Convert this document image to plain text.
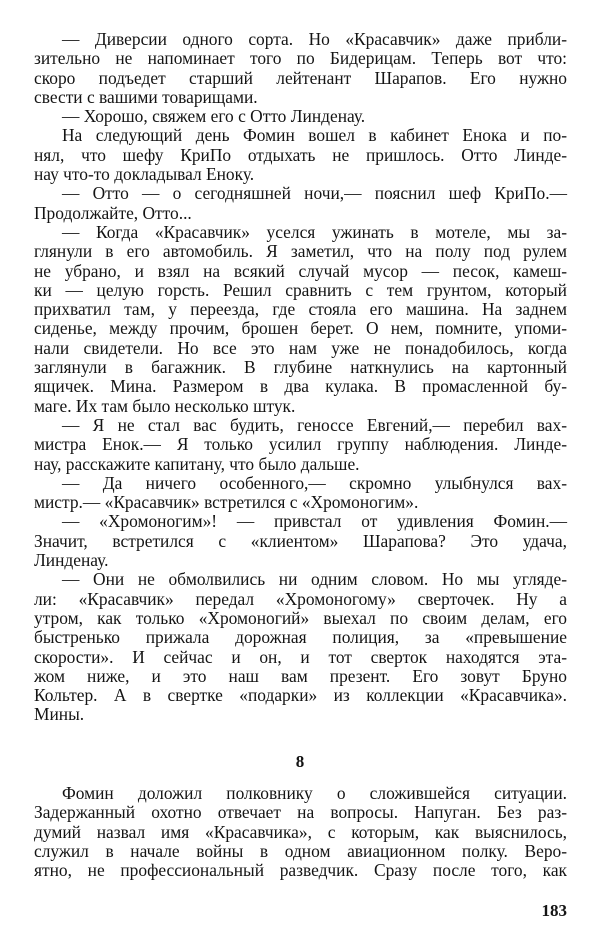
— Диверсии одного сорта. Но «Красавчик» даже прибли-
зительно не напоминает того по Бидерицам. Теперь вот что:
скоро подъедет старший лейтенант Шарапов. Его нужно
свести с вашими товарищами.
— Хорошо, свяжем его с Отто Линденау.
На следующий день Фомин вошел в кабинет Енока и по-
нял, что шефу КриПо отдыхать не пришлось. Отто Линде-
нау что-то докладывал Еноку.
— Отто — о сегодняшней ночи,— пояснил шеф КриПо.—
Продолжайте, Отто...
— Когда «Красавчик» уселся ужинать в мотеле, мы за-
глянули в его автомобиль. Я заметил, что на полу под рулем
не убрано, и взял на всякий случай мусор — песок, камеш-
ки — целую горсть. Решил сравнить с тем грунтом, который
прихватил там, у переезда, где стояла его машина. На заднем
сиденье, между прочим, брошен берет. О нем, помните, упоми-
нали свидетели. Но все это нам уже не понадобилось, когда
заглянули в багажник. В глубине наткнулись на картонный
ящичек. Мина. Размером в два кулака. В промасленной бу-
маге. Их там было несколько штук.
— Я не стал вас будить, геноссе Евгений,— перебил вах-
мистра Енок.— Я только усилил группу наблюдения. Линде-
нау, расскажите капитану, что было дальше.
— Да ничего особенного,— скромно улыбнулся вах-
мистр.— «Красавчик» встретился с «Хромоногим».
— «Хромоногим»! — привстал от удивления Фомин.—
Значит, встретился с «клиентом» Шарапова? Это удача,
Линденау.
— Они не обмолвились ни одним словом. Но мы угляде-
ли: «Красавчик» передал «Хромоногому» сверточек. Ну а
утром, как только «Хромоногий» выехал по своим делам, его
быстренько прижала дорожная полиция, за «превышение
скорости». И сейчас и он, и тот сверток находятся эта-
жом ниже, и это наш вам презент. Его зовут Бруно
Кольтер. А в свертке «подарки» из коллекции «Красавчика».
Мины.
8
Фомин доложил полковнику о сложившейся ситуации.
Задержанный охотно отвечает на вопросы. Напуган. Без раз-
думий назвал имя «Красавчика», с которым, как выяснилось,
служил в начале войны в одном авиационном полку. Веро-
ятно, не профессиональный разведчик. Сразу после того, как
183
